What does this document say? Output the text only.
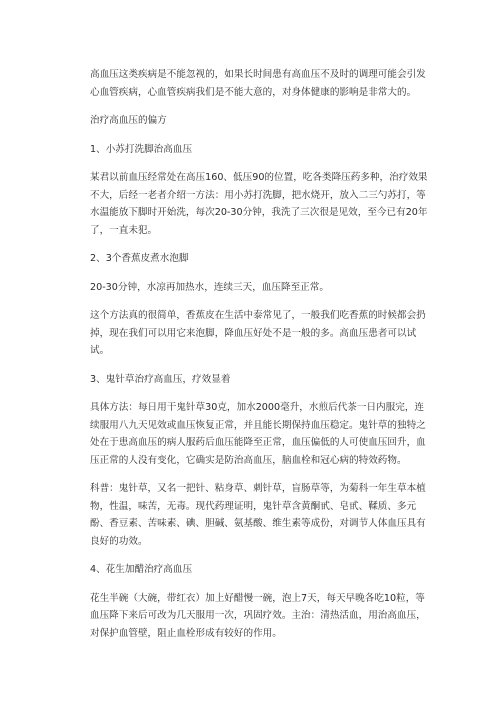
高血压这类疾病是不能忽视的，如果长时间患有高血压不及时的调理可能会引发心血管疾病，心血管疾病我们是不能大意的，对身体健康的影响是非常大的。

治疗高血压的偏方

1、小苏打洗脚治高血压

某君以前血压经常处在高压160、低压90的位置，吃各类降压药多种，治疗效果不大，后经一老者介绍一方法：用小苏打洗脚，把水烧开，放入二三勺苏打，等水温能放下脚时开始洗，每次20-30分钟，我洗了三次很是见效，至今已有20年了，一直未犯。

2、3个香蕉皮煮水泡脚

20-30分钟，水凉再加热水，连续三天，血压降至正常。

这个方法真的很简单，香蕉皮在生活中泰常见了，一般我们吃香蕉的时候都会扔掉，现在我们可以用它来泡脚，降血压好处不是一般的多。高血压患者可以试试。

3、鬼针草治疗高血压，疗效显着

具体方法：每日用干鬼针草30克，加水2000毫升，水煎后代茶一日内服完，连续服用八九天见效或血压恢复正常，并且能长期保持血压稳定。鬼针草的独特之处在于患高血压的病人服药后血压能降至正常，血压偏低的人可使血压回升，血压正常的人没有变化，它确实是防治高血压，脑血栓和冠心病的特效药物。

科普：鬼针草，又名一把针、粘身草、刺针草，盲肠草等，为菊科一年生草本植物，性温，味苦，无毒。现代药理证明，鬼针草含黄酮甙、皂甙、鞣质、多元酚、香豆素、苦味素、碘、胆碱、氨基酸、维生素等成份，对调节人体血压具有良好的功效。

4、花生加醋治疗高血压

花生半碗（大碗，带红衣）加上好醋慢一碗，泡上7天，每天早晚各吃10粒，等血压降下来后可改为几天服用一次，巩固疗效。主治：清热活血，用治高血压，对保护血管壁，阻止血栓形成有较好的作用。
